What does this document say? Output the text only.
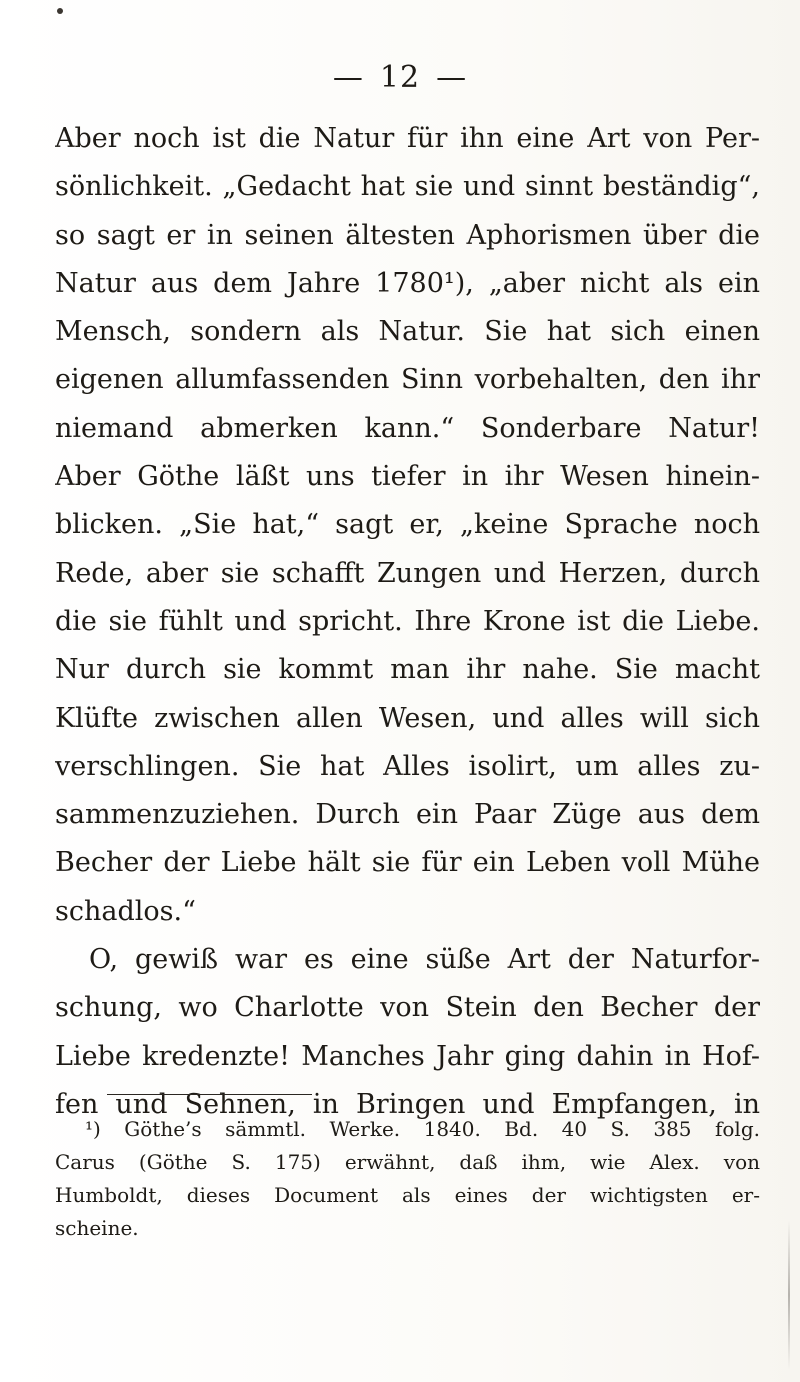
— 12 —
Aber noch ist die Natur für ihn eine Art von Per-
sönlichkeit. „Gedacht hat sie und sinnt beständig“,
so sagt er in seinen ältesten Aphorismen über die
Natur aus dem Jahre 1780¹), „aber nicht als ein
Mensch, sondern als Natur. Sie hat sich einen
eigenen allumfassenden Sinn vorbehalten, den ihr
niemand abmerken kann.“ Sonderbare Natur!
Aber Göthe läßt uns tiefer in ihr Wesen hinein-
blicken. „Sie hat,“ sagt er, „keine Sprache noch
Rede, aber sie schafft Zungen und Herzen, durch
die sie fühlt und spricht. Ihre Krone ist die Liebe.
Nur durch sie kommt man ihr nahe. Sie macht
Klüfte zwischen allen Wesen, und alles will sich
verschlingen. Sie hat Alles isolirt, um alles zu-
sammenzuziehen. Durch ein Paar Züge aus dem
Becher der Liebe hält sie für ein Leben voll Mühe
schadlos.“
O, gewiß war es eine süße Art der Naturfor-
schung, wo Charlotte von Stein den Becher der
Liebe kredenzte! Manches Jahr ging dahin in Hof-
fen und Sehnen, in Bringen und Empfangen, in
¹) Göthe’s sämmtl. Werke. 1840. Bd. 40 S. 385 folg.
Carus (Göthe S. 175) erwähnt, daß ihm, wie Alex. von
Humboldt, dieses Document als eines der wichtigsten er-
scheine.
